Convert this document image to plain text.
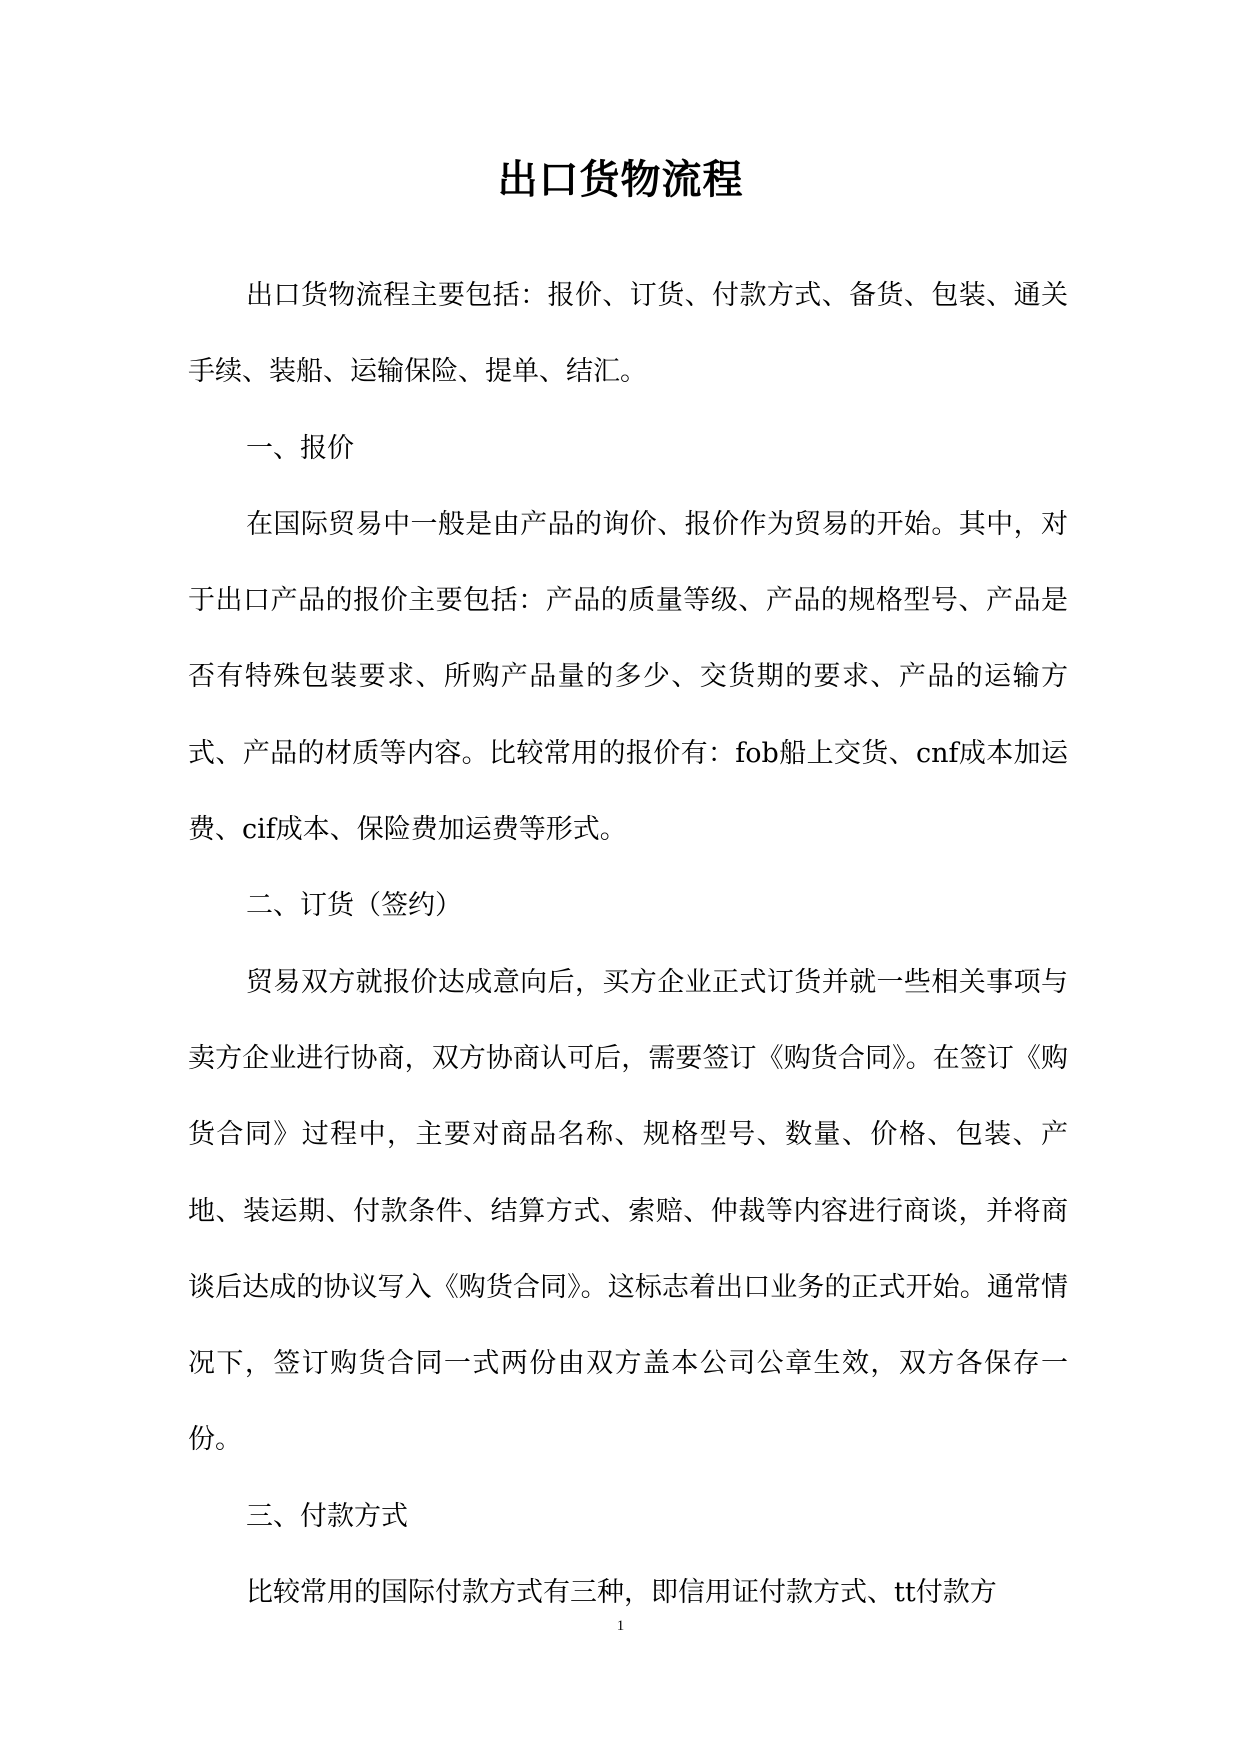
出口货物流程

出口货物流程主要包括：报价、订货、付款方式、备货、包装、通关手续、装船、运输保险、提单、结汇。

一、报价

在国际贸易中一般是由产品的询价、报价作为贸易的开始。其中，对于出口产品的报价主要包括：产品的质量等级、产品的规格型号、产品是否有特殊包装要求、所购产品量的多少、交货期的要求、产品的运输方式、产品的材质等内容。比较常用的报价有：fob船上交货、cnf成本加运费、cif成本、保险费加运费等形式。

二、订货（签约）

贸易双方就报价达成意向后，买方企业正式订货并就一些相关事项与卖方企业进行协商，双方协商认可后，需要签订《购货合同》。在签订《购货合同》过程中，主要对商品名称、规格型号、数量、价格、包装、产地、装运期、付款条件、结算方式、索赔、仲裁等内容进行商谈，并将商谈后达成的协议写入《购货合同》。这标志着出口业务的正式开始。通常情况下，签订购货合同一式两份由双方盖本公司公章生效，双方各保存一份。

三、付款方式

比较常用的国际付款方式有三种，即信用证付款方式、tt付款方

1
